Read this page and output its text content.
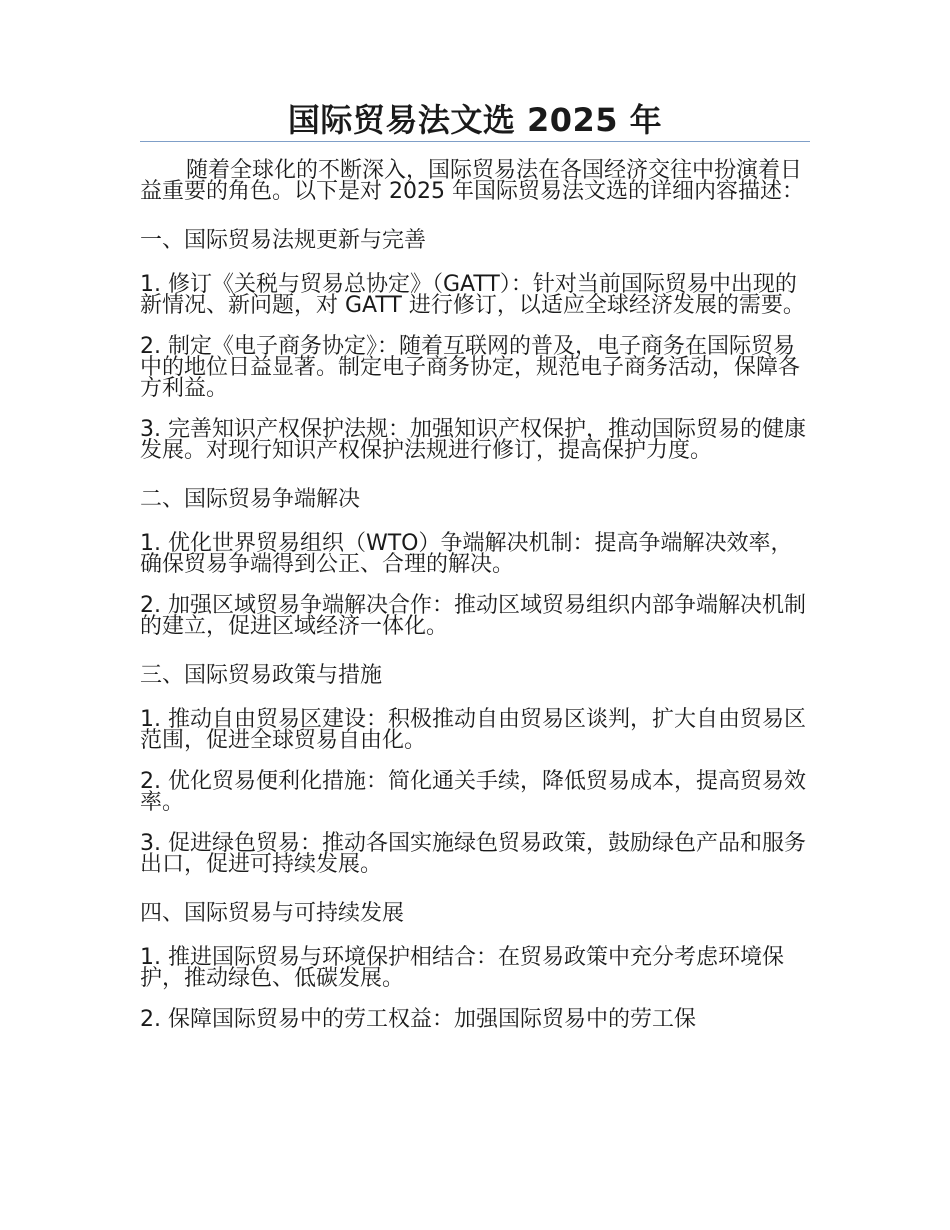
国际贸易法文选 2025 年

随着全球化的不断深入，国际贸易法在各国经济交往中扮演着日益重要的角色。以下是对 2025 年国际贸易法文选的详细内容描述：

一、国际贸易法规更新与完善

1. 修订《关税与贸易总协定》（GATT）：针对当前国际贸易中出现的新情况、新问题，对 GATT 进行修订，以适应全球经济发展的需要。

2. 制定《电子商务协定》：随着互联网的普及，电子商务在国际贸易中的地位日益显著。制定电子商务协定，规范电子商务活动，保障各方利益。

3. 完善知识产权保护法规：加强知识产权保护，推动国际贸易的健康发展。对现行知识产权保护法规进行修订，提高保护力度。

二、国际贸易争端解决

1. 优化世界贸易组织（WTO）争端解决机制：提高争端解决效率，确保贸易争端得到公正、合理的解决。

2. 加强区域贸易争端解决合作：推动区域贸易组织内部争端解决机制的建立，促进区域经济一体化。

三、国际贸易政策与措施

1. 推动自由贸易区建设：积极推动自由贸易区谈判，扩大自由贸易区范围，促进全球贸易自由化。

2. 优化贸易便利化措施：简化通关手续，降低贸易成本，提高贸易效率。

3. 促进绿色贸易：推动各国实施绿色贸易政策，鼓励绿色产品和服务出口，促进可持续发展。

四、国际贸易与可持续发展

1. 推进国际贸易与环境保护相结合：在贸易政策中充分考虑环境保护，推动绿色、低碳发展。

2. 保障国际贸易中的劳工权益：加强国际贸易中的劳工保
